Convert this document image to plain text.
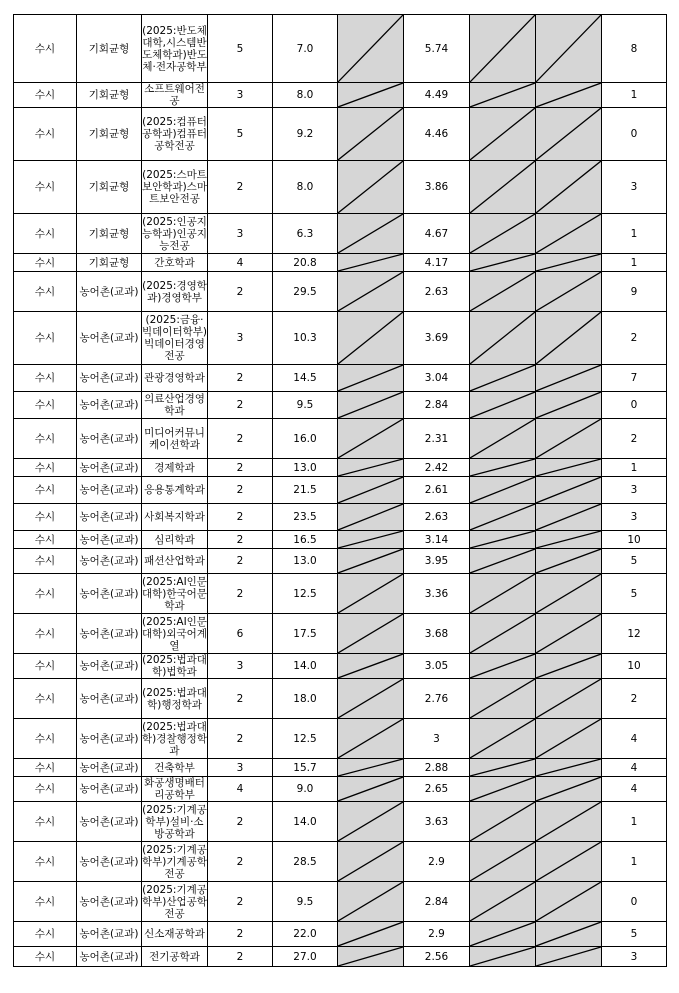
수시	기회균형	(2025:반도체대학,시스템반도체학과)반도체·전자공학부	5	7.0		5.74			8
수시	기회균형	소프트웨어전공	3	8.0		4.49			1
수시	기회균형	(2025:컴퓨터공학과)컴퓨터공학전공	5	9.2		4.46			0
수시	기회균형	(2025:스마트보안학과)스마트보안전공	2	8.0		3.86			3
수시	기회균형	(2025:인공지능학과)인공지능전공	3	6.3		4.67			1
수시	기회균형	간호학과	4	20.8		4.17			1
수시	농어촌(교과)	(2025:경영학과)경영학부	2	29.5		2.63			9
수시	농어촌(교과)	(2025:금융·빅데이터학부)빅데이터경영전공	3	10.3		3.69			2
수시	농어촌(교과)	관광경영학과	2	14.5		3.04			7
수시	농어촌(교과)	의료산업경영학과	2	9.5		2.84			0
수시	농어촌(교과)	미디어커뮤니케이션학과	2	16.0		2.31			2
수시	농어촌(교과)	경제학과	2	13.0		2.42			1
수시	농어촌(교과)	응용통계학과	2	21.5		2.61			3
수시	농어촌(교과)	사회복지학과	2	23.5		2.63			3
수시	농어촌(교과)	심리학과	2	16.5		3.14			10
수시	농어촌(교과)	패션산업학과	2	13.0		3.95			5
수시	농어촌(교과)	(2025:AI인문대학)한국어문학과	2	12.5		3.36			5
수시	농어촌(교과)	(2025:AI인문대학)외국어계열	6	17.5		3.68			12
수시	농어촌(교과)	(2025:법과대학)법학과	3	14.0		3.05			10
수시	농어촌(교과)	(2025:법과대학)행정학과	2	18.0		2.76			2
수시	농어촌(교과)	(2025:법과대학)경찰행정학과	2	12.5		3			4
수시	농어촌(교과)	건축학부	3	15.7		2.88			4
수시	농어촌(교과)	화공생명배터리공학부	4	9.0		2.65			4
수시	농어촌(교과)	(2025:기계공학부)설비·소방공학과	2	14.0		3.63			1
수시	농어촌(교과)	(2025:기계공학부)기계공학전공	2	28.5		2.9			1
수시	농어촌(교과)	(2025:기계공학부)산업공학전공	2	9.5		2.84			0
수시	농어촌(교과)	신소재공학과	2	22.0		2.9			5
수시	농어촌(교과)	전기공학과	2	27.0		2.56			3
